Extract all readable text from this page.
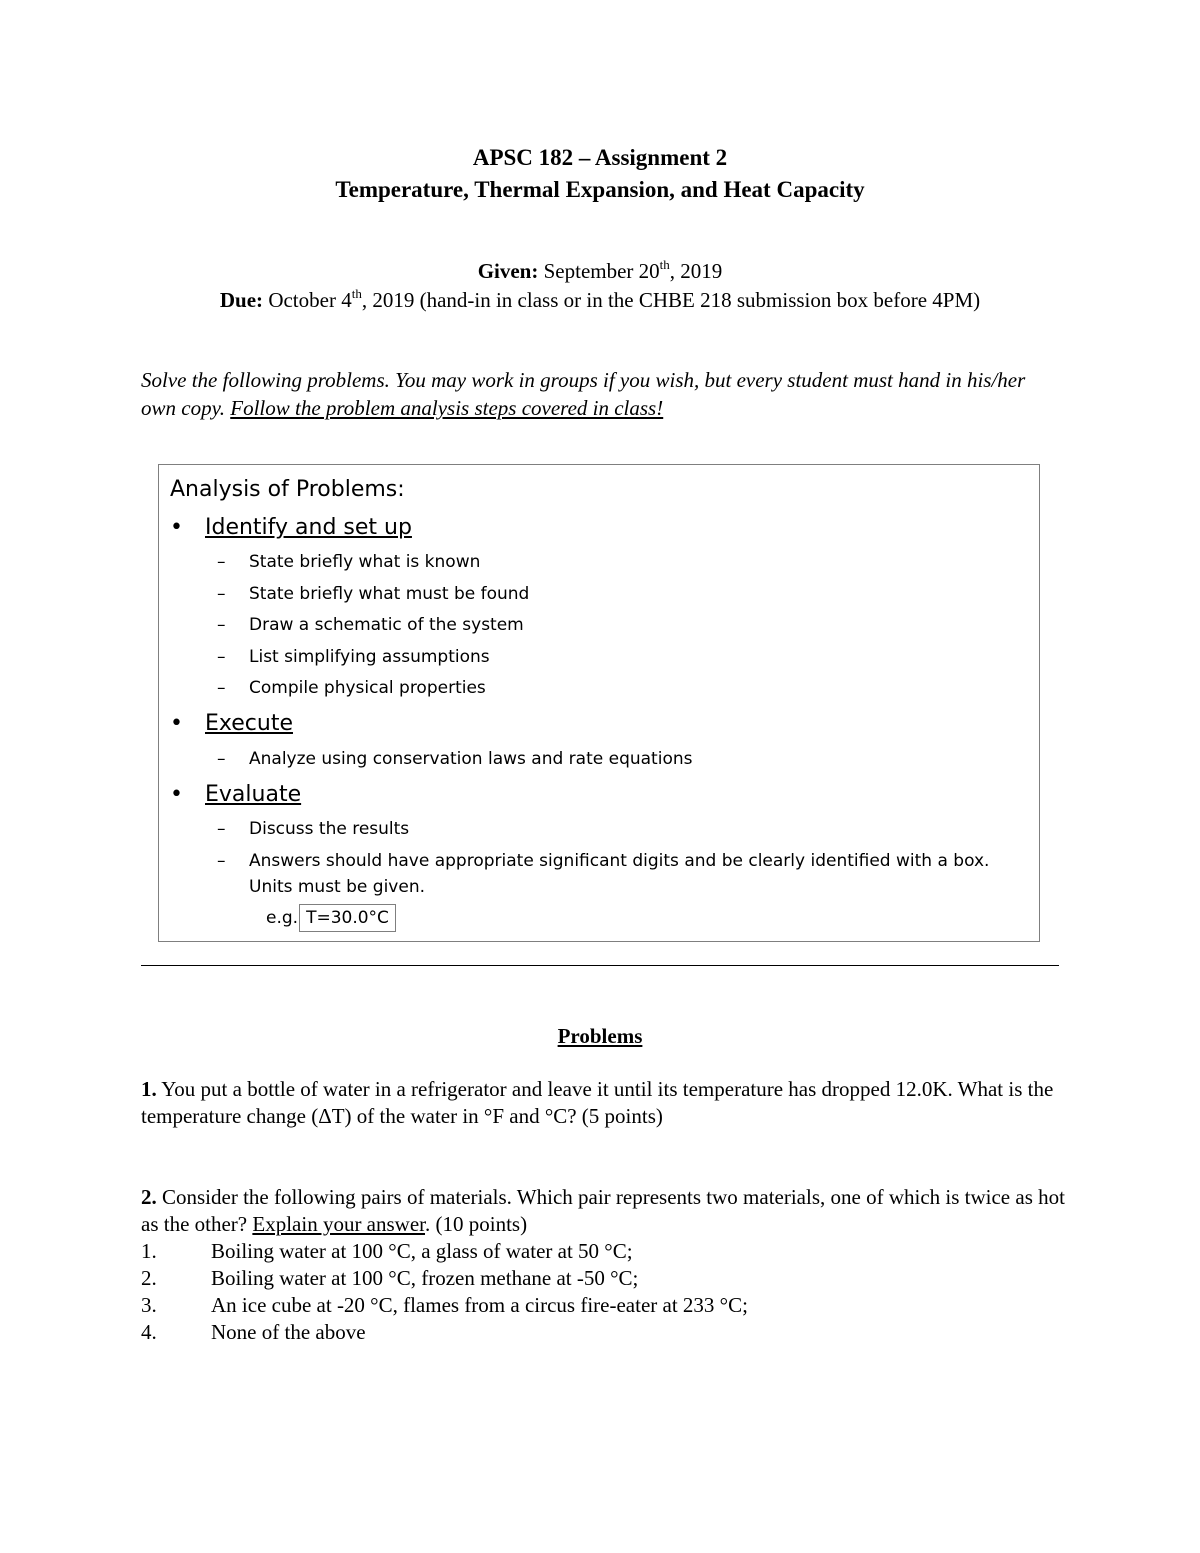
APSC 182 – Assignment 2
Temperature, Thermal Expansion, and Heat Capacity
Given: September 20th, 2019
Due: October 4th, 2019 (hand-in in class or in the CHBE 218 submission box before 4PM)
Solve the following problems. You may work in groups if you wish, but every student must hand in his/her own copy. Follow the problem analysis steps covered in class!
Analysis of Problems:
• Identify and set up
– State briefly what is known
– State briefly what must be found
– Draw a schematic of the system
– List simplifying assumptions
– Compile physical properties
• Execute
– Analyze using conservation laws and rate equations
• Evaluate
– Discuss the results
– Answers should have appropriate significant digits and be clearly identified with a box.
Units must be given.
e.g. T=30.0°C
Problems
1. You put a bottle of water in a refrigerator and leave it until its temperature has dropped 12.0K. What is the temperature change (ΔT) of the water in °F and °C? (5 points)
2. Consider the following pairs of materials. Which pair represents two materials, one of which is twice as hot as the other? Explain your answer. (10 points)
1.	Boiling water at 100 °C, a glass of water at 50 °C;
2.	Boiling water at 100 °C, frozen methane at -50 °C;
3.	An ice cube at -20 °C, flames from a circus fire-eater at 233 °C;
4.	None of the above
